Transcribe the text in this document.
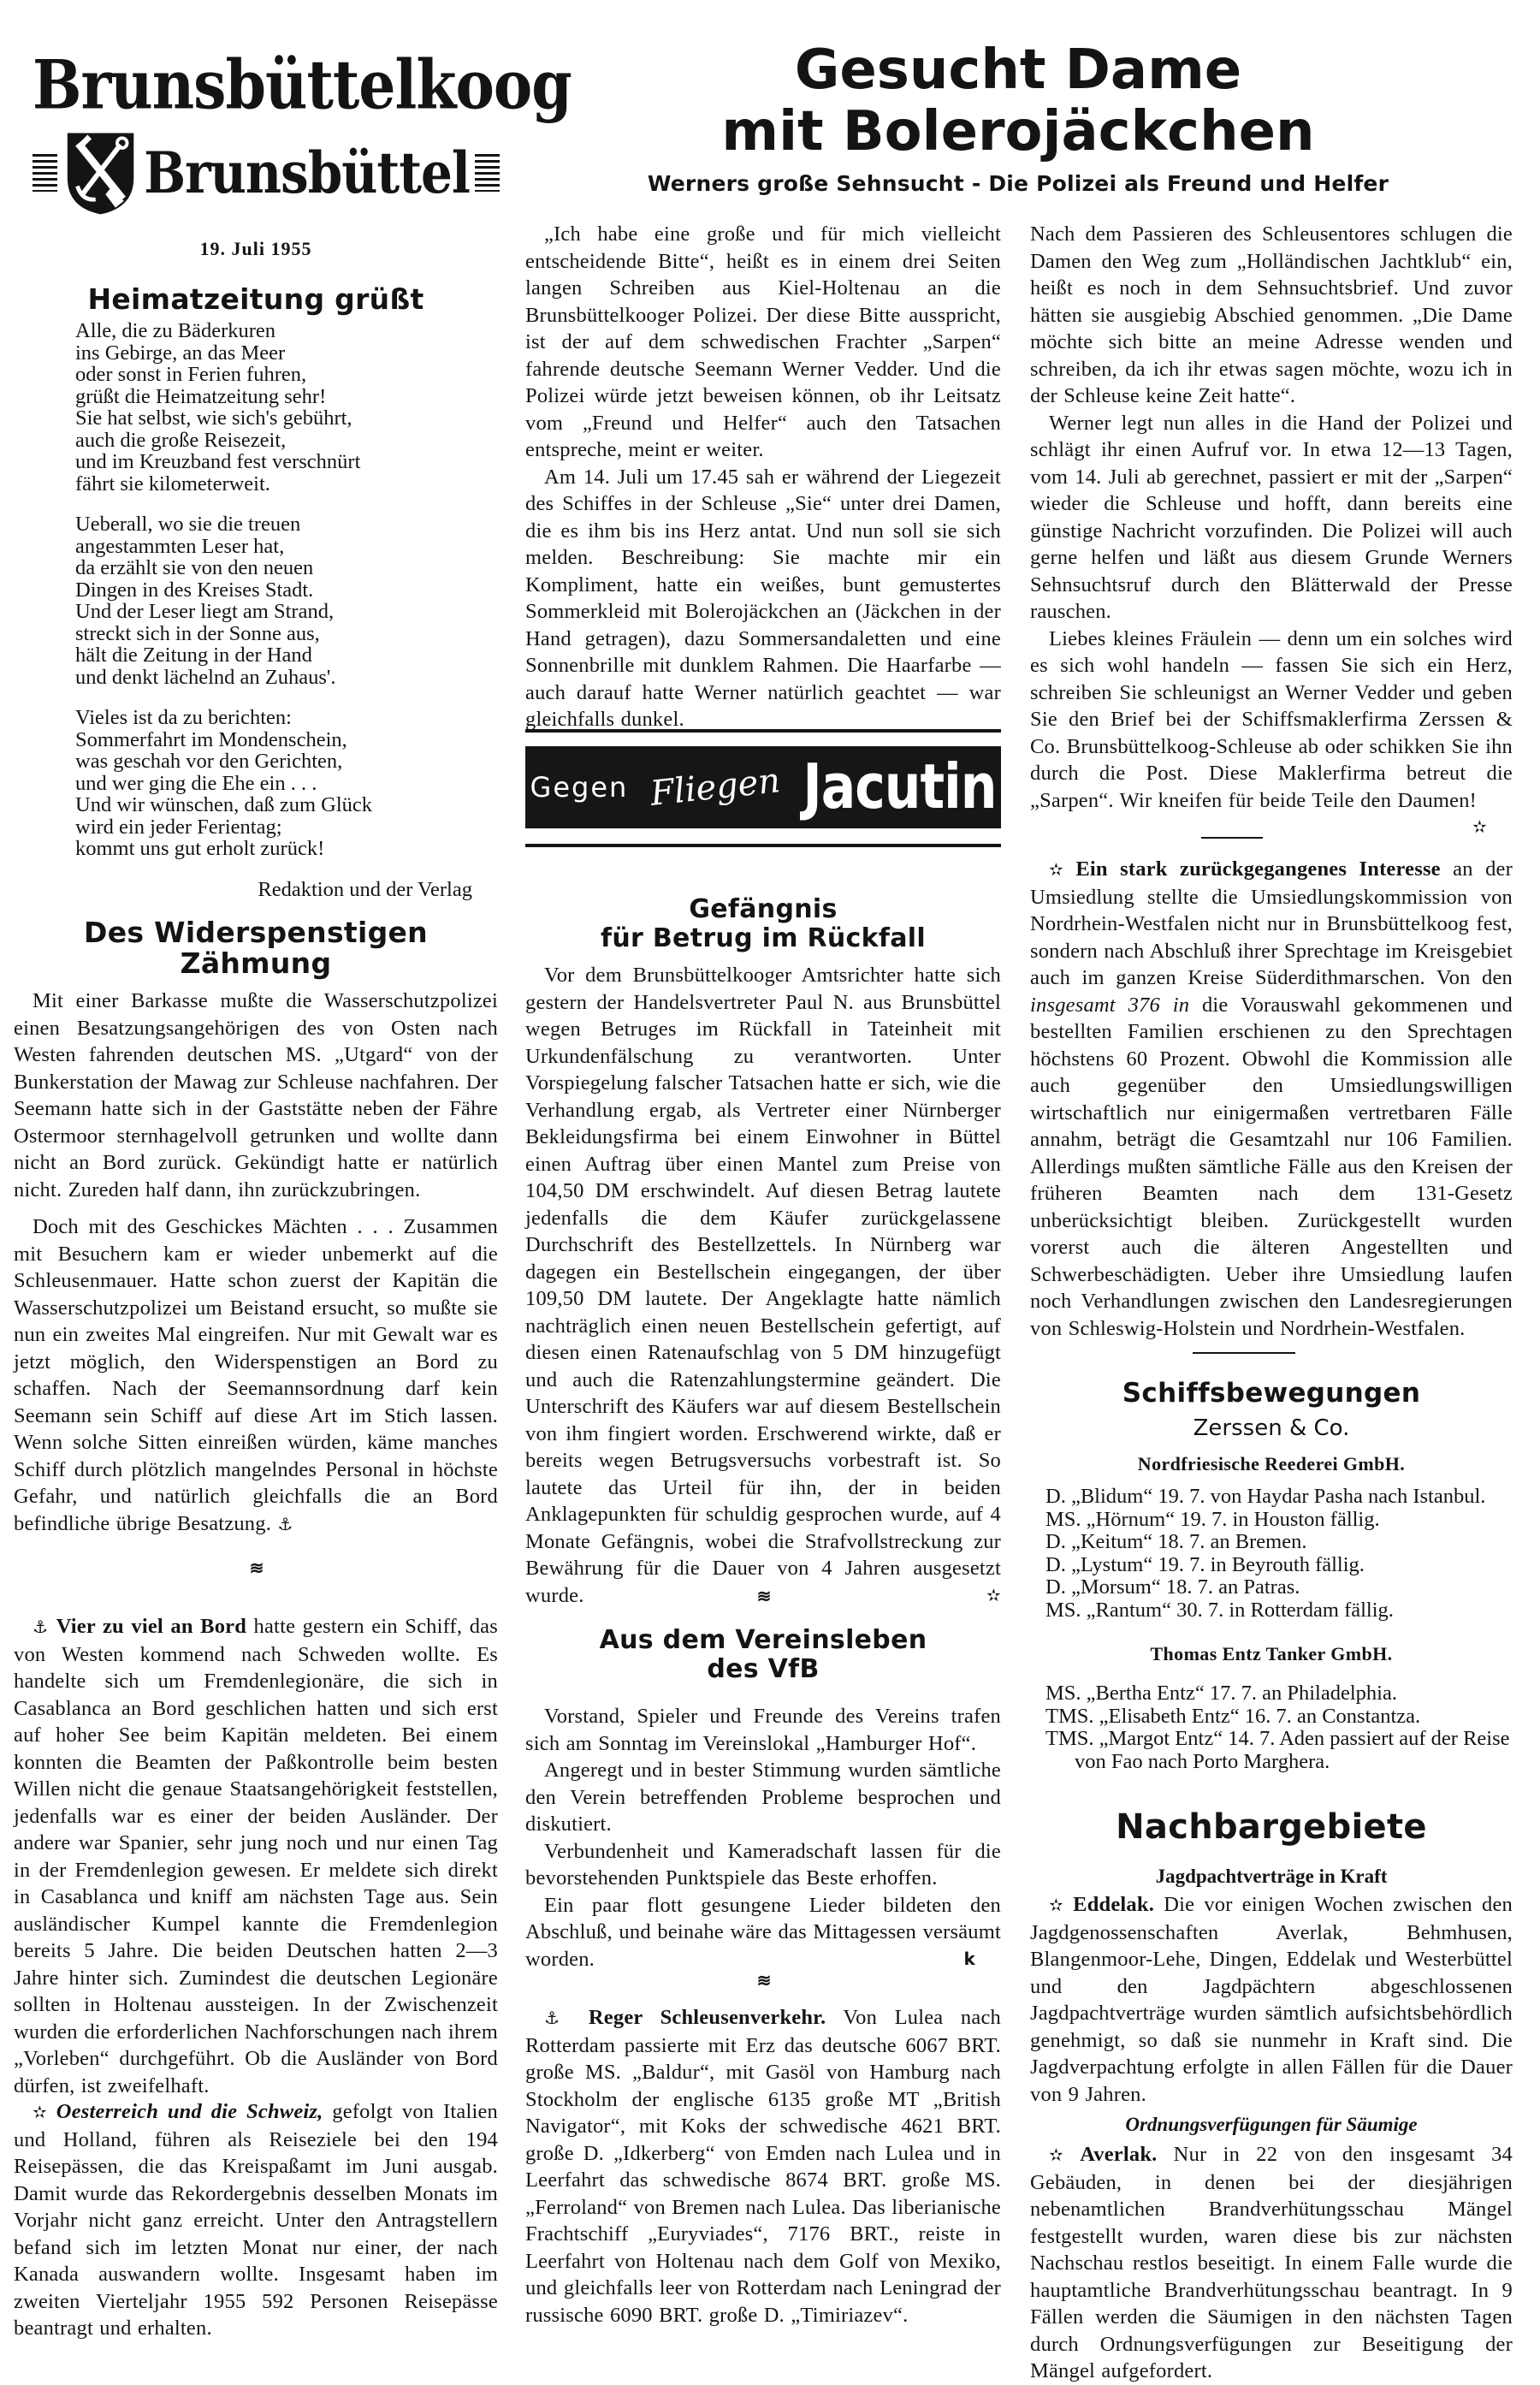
Brunsbüttelkoog
Brunsbüttel
19. Juli 1955
Heimatzeitung grüßt
Alle, die zu Bäderkuren
ins Gebirge, an das Meer
oder sonst in Ferien fuhren,
grüßt die Heimatzeitung sehr!
Sie hat selbst, wie sich's gebührt,
auch die große Reisezeit,
und im Kreuzband fest verschnürt
fährt sie kilometerweit.
Ueberall, wo sie die treuen
angestammten Leser hat,
da erzählt sie von den neuen
Dingen in des Kreises Stadt.
Und der Leser liegt am Strand,
streckt sich in der Sonne aus,
hält die Zeitung in der Hand
und denkt lächelnd an Zuhaus'.
Vieles ist da zu berichten:
Sommerfahrt im Mondenschein,
was geschah vor den Gerichten,
und wer ging die Ehe ein . . .
Und wir wünschen, daß zum Glück
wird ein jeder Ferientag;
kommt uns gut erholt zurück!
Redaktion und der Verlag
Des Widerspenstigen Zähmung

Mit einer Barkasse mußte die Wasserschutzpolizei einen Besatzungsangehörigen des von Osten nach Westen fahrenden deutschen MS. „Utgard“ von der Bunkerstation der Mawag zur Schleuse nachfahren. Der Seemann hatte sich in der Gaststätte neben der Fähre Ostermoor sternhagelvoll getrunken und wollte dann nicht an Bord zurück. Gekündigt hatte er natürlich nicht. Zureden half dann, ihn zurückzubringen.

Doch mit des Geschickes Mächten . . . Zusammen mit Besuchern kam er wieder unbemerkt auf die Schleusenmauer. Hatte schon zuerst der Kapitän die Wasserschutzpolizei um Beistand ersucht, so mußte sie nun ein zweites Mal eingreifen. Nur mit Gewalt war es jetzt möglich, den Widerspenstigen an Bord zu schaffen. Nach der Seemannsordnung darf kein Seemann sein Schiff auf diese Art im Stich lassen. Wenn solche Sitten einreißen würden, käme manches Schiff durch plötzlich mangelndes Personal in höchste Gefahr, und natürlich gleichfalls die an Bord befindliche übrige Besatzung. ⚓

≋

⚓ Vier zu viel an Bord hatte gestern ein Schiff, das von Westen kommend nach Schweden wollte. Es handelte sich um Fremdenlegionäre, die sich in Casablanca an Bord geschlichen hatten und sich erst auf hoher See beim Kapitän meldeten. Bei einem konnten die Beamten der Paßkontrolle beim besten Willen nicht die genaue Staatsangehörigkeit feststellen, jedenfalls war es einer der beiden Ausländer. Der andere war Spanier, sehr jung noch und nur einen Tag in der Fremdenlegion gewesen. Er meldete sich direkt in Casablanca und kniff am nächsten Tage aus. Sein ausländischer Kumpel kannte die Fremdenlegion bereits 5 Jahre. Die beiden Deutschen hatten 2—3 Jahre hinter sich. Zumindest die deutschen Legionäre sollten in Holtenau aussteigen. In der Zwischenzeit wurden die erforderlichen Nachforschungen nach ihrem „Vorleben“ durchgeführt. Ob die Ausländer von Bord dürfen, ist zweifelhaft.

✫ Oesterreich und die Schweiz, gefolgt von Italien und Holland, führen als Reiseziele bei den 194 Reisepässen, die das Kreispaßamt im Juni ausgab. Damit wurde das Rekordergebnis desselben Monats im Vorjahr nicht ganz erreicht. Unter den Antragstellern befand sich im letzten Monat nur einer, der nach Kanada auswandern wollte. Insgesamt haben im zweiten Vierteljahr 1955 592 Personen Reisepässe beantragt und erhalten.

Gesucht Dame
mit Bolerojäckchen
Werners große Sehnsucht - Die Polizei als Freund und Helfer

„Ich habe eine große und für mich vielleicht entscheidende Bitte“, heißt es in einem drei Seiten langen Schreiben aus Kiel-Holtenau an die Brunsbüttelkooger Polizei. Der diese Bitte ausspricht, ist der auf dem schwedischen Frachter „Sarpen“ fahrende deutsche Seemann Werner Vedder. Und die Polizei würde jetzt beweisen können, ob ihr Leitsatz vom „Freund und Helfer“ auch den Tatsachen entspreche, meint er weiter.

Am 14. Juli um 17.45 sah er während der Liegezeit des Schiffes in der Schleuse „Sie“ unter drei Damen, die es ihm bis ins Herz antat. Und nun soll sie sich melden. Beschreibung: Sie machte mir ein Kompliment, hatte ein weißes, bunt gemustertes Sommerkleid mit Bolerojäckchen an (Jäckchen in der Hand getragen), dazu Sommersandaletten und eine Sonnenbrille mit dunklem Rahmen. Die Haarfarbe — auch darauf hatte Werner natürlich geachtet — war gleichfalls dunkel.

Gegen Fliegen Jacutin
Gefängnis
für Betrug im Rückfall

Vor dem Brunsbüttelkooger Amtsrichter hatte sich gestern der Handelsvertreter Paul N. aus Brunsbüttel wegen Betruges im Rückfall in Tateinheit mit Urkundenfälschung zu verantworten. Unter Vorspiegelung falscher Tatsachen hatte er sich, wie die Verhandlung ergab, als Vertreter einer Nürnberger Bekleidungsfirma bei einem Einwohner in Büttel einen Auftrag über einen Mantel zum Preise von 104,50 DM erschwindelt. Auf diesen Betrag lautete jedenfalls die dem Käufer zurückgelassene Durchschrift des Bestellzettels. In Nürnberg war dagegen ein Bestellschein eingegangen, der über 109,50 DM lautete. Der Angeklagte hatte nämlich nachträglich einen neuen Bestellschein gefertigt, auf diesen einen Ratenaufschlag von 5 DM hinzugefügt und auch die Ratenzahlungstermine geändert. Die Unterschrift des Käufers war auf diesem Bestellschein von ihm fingiert worden. Erschwerend wirkte, daß er bereits wegen Betrugsversuchs vorbestraft ist. So lautete das Urteil für ihn, der in beiden Anklagepunkten für schuldig gesprochen wurde, auf 4 Monate Gefängnis, wobei die Strafvollstreckung zur Bewährung für die Dauer von 4 Jahren ausgesetzt wurde.	✫

≋
Aus dem Vereinsleben
des VfB

Vorstand, Spieler und Freunde des Vereins trafen sich am Sonntag im Vereinslokal „Hamburger Hof“.

Angeregt und in bester Stimmung wurden sämtliche den Verein betreffenden Probleme besprochen und diskutiert.

Verbundenheit und Kameradschaft lassen für die bevorstehenden Punktspiele das Beste erhoffen.

Ein paar flott gesungene Lieder bildeten den Abschluß, und beinahe wäre das Mittagessen versäumt worden.	k

≋

⚓ Reger Schleusenverkehr. Von Lulea nach Rotterdam passierte mit Erz das deutsche 6067 BRT. große MS. „Baldur“, mit Gasöl von Hamburg nach Stockholm der englische 6135 große MT „British Navigator“, mit Koks der schwedische 4621 BRT. große D. „Idkerberg“ von Emden nach Lulea und in Leerfahrt das schwedische 8674 BRT. große MS. „Ferroland“ von Bremen nach Lulea. Das liberianische Frachtschiff „Euryviades“, 7176 BRT., reiste in Leerfahrt von Holtenau nach dem Golf von Mexiko, und gleichfalls leer von Rotterdam nach Leningrad der russische 6090 BRT. große D. „Timiriazev“.

Nach dem Passieren des Schleusentores schlugen die Damen den Weg zum „Holländischen Jachtklub“ ein, heißt es noch in dem Sehnsuchtsbrief. Und zuvor hätten sie ausgiebig Abschied genommen. „Die Dame möchte sich bitte an meine Adresse wenden und schreiben, da ich ihr etwas sagen möchte, wozu ich in der Schleuse keine Zeit hatte“.

Werner legt nun alles in die Hand der Polizei und schlägt ihr einen Aufruf vor. In etwa 12—13 Tagen, vom 14. Juli ab gerechnet, passiert er mit der „Sarpen“ wieder die Schleuse und hofft, dann bereits eine günstige Nachricht vorzufinden. Die Polizei will auch gerne helfen und läßt aus diesem Grunde Werners Sehnsuchtsruf durch den Blätterwald der Presse rauschen.

Liebes kleines Fräulein — denn um ein solches wird es sich wohl handeln — fassen Sie sich ein Herz, schreiben Sie schleunigst an Werner Vedder und geben Sie den Brief bei der Schiffsmaklerfirma Zerssen & Co. Brunsbüttelkoog-Schleuse ab oder schikken Sie ihn durch die Post. Diese Maklerfirma betreut die „Sarpen“. Wir kneifen für beide Teile den Daumen!
✫

✫ Ein stark zurückgegangenes Interesse an der Umsiedlung stellte die Umsiedlungskommission von Nordrhein-Westfalen nicht nur in Brunsbüttelkoog fest, sondern nach Abschluß ihrer Sprechtage im Kreisgebiet auch im ganzen Kreise Süderdithmarschen. Von den insgesamt 376 in die Vorauswahl gekommenen und bestellten Familien erschienen zu den Sprechtagen höchstens 60 Prozent. Obwohl die Kommission alle auch gegenüber den Umsiedlungswilligen wirtschaftlich nur einigermaßen vertretbaren Fälle annahm, beträgt die Gesamtzahl nur 106 Familien. Allerdings mußten sämtliche Fälle aus den Kreisen der früheren Beamten nach dem 131-Gesetz unberücksichtigt bleiben. Zurückgestellt wurden vorerst auch die älteren Angestellten und Schwerbeschädigten. Ueber ihre Umsiedlung laufen noch Verhandlungen zwischen den Landesregierungen von Schleswig-Holstein und Nordrhein-Westfalen.

Schiffsbewegungen
Zerssen & Co.
Nordfriesische Reederei GmbH.
D. „Blidum“ 19. 7. von Haydar Pasha nach Istanbul.
MS. „Hörnum“ 19. 7. in Houston fällig.
D. „Keitum“ 18. 7. an Bremen.
D. „Lystum“ 19. 7. in Beyrouth fällig.
D. „Morsum“ 18. 7. an Patras.
MS. „Rantum“ 30. 7. in Rotterdam fällig.
Thomas Entz Tanker GmbH.
MS. „Bertha Entz“ 17. 7. an Philadelphia.
TMS. „Elisabeth Entz“ 16. 7. an Constantza.
TMS. „Margot Entz“ 14. 7. Aden passiert auf der Reise von Fao nach Porto Marghera.
Nachbargebiete
Jagdpachtverträge in Kraft

✫ Eddelak. Die vor einigen Wochen zwischen den Jagdgenossenschaften Averlak, Behmhusen, Blangenmoor-Lehe, Dingen, Eddelak und Westerbüttel und den Jagdpächtern abgeschlossenen Jagdpachtverträge wurden sämtlich aufsichtsbehördlich genehmigt, so daß sie nunmehr in Kraft sind. Die Jagdverpachtung erfolgte in allen Fällen für die Dauer von 9 Jahren.

Ordnungsverfügungen für Säumige

✫ Averlak. Nur in 22 von den insgesamt 34 Gebäuden, in denen bei der diesjährigen nebenamtlichen Brandverhütungsschau Mängel festgestellt wurden, waren diese bis zur nächsten Nachschau restlos beseitigt. In einem Falle wurde die hauptamtliche Brandverhütungsschau beantragt. In 9 Fällen werden die Säumigen in den nächsten Tagen durch Ordnungsverfügungen zur Beseitigung der Mängel aufgefordert.
